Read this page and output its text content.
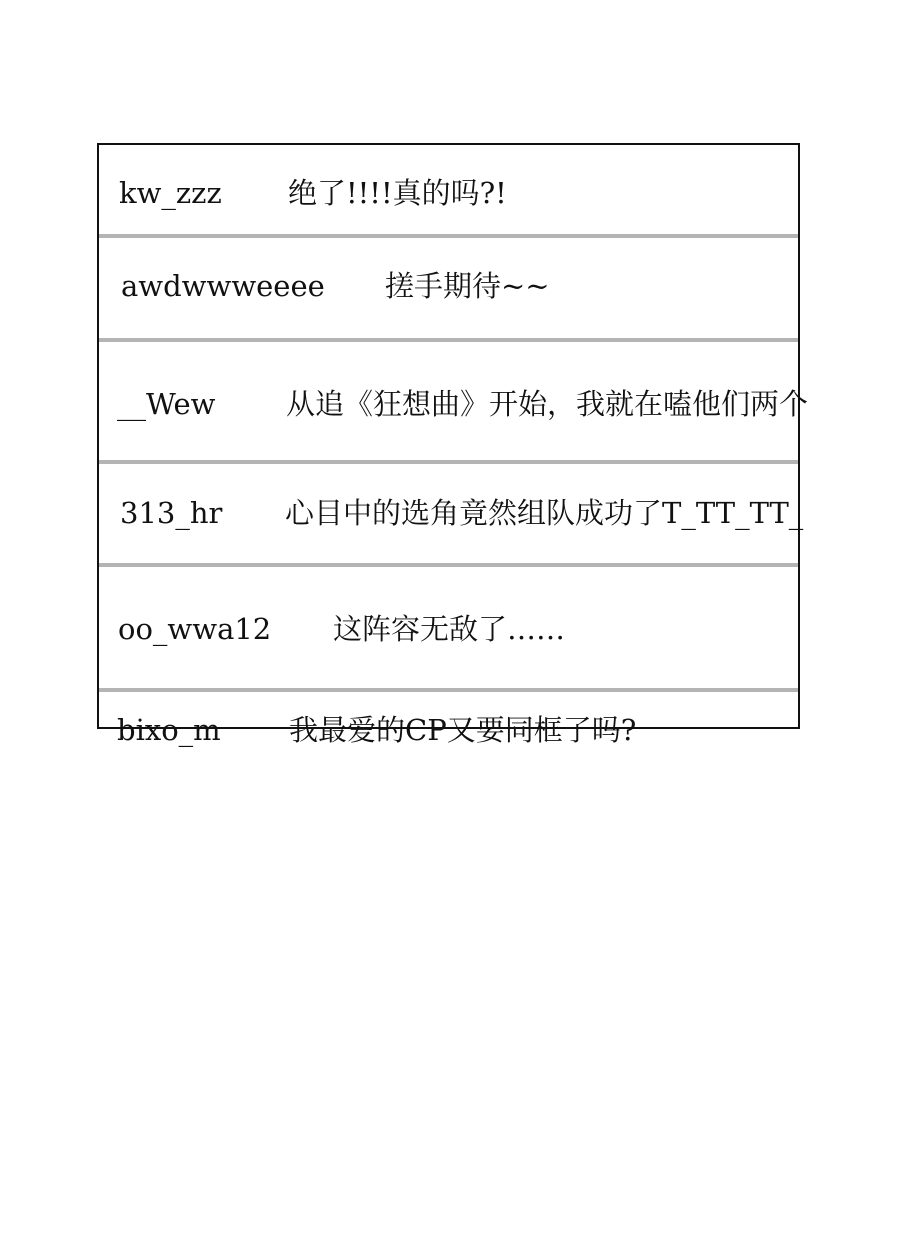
kw_zzz 绝了!!!!真的吗?!
awdwwweeee 搓手期待~~
__Wew 从追《狂想曲》开始，我就在嗑他们两个
313_hr 心目中的选角竟然组队成功了T_TT_TT_
oo_wwa12 这阵容无敌了……
bixo_m 我最爱的CP又要同框了吗?
